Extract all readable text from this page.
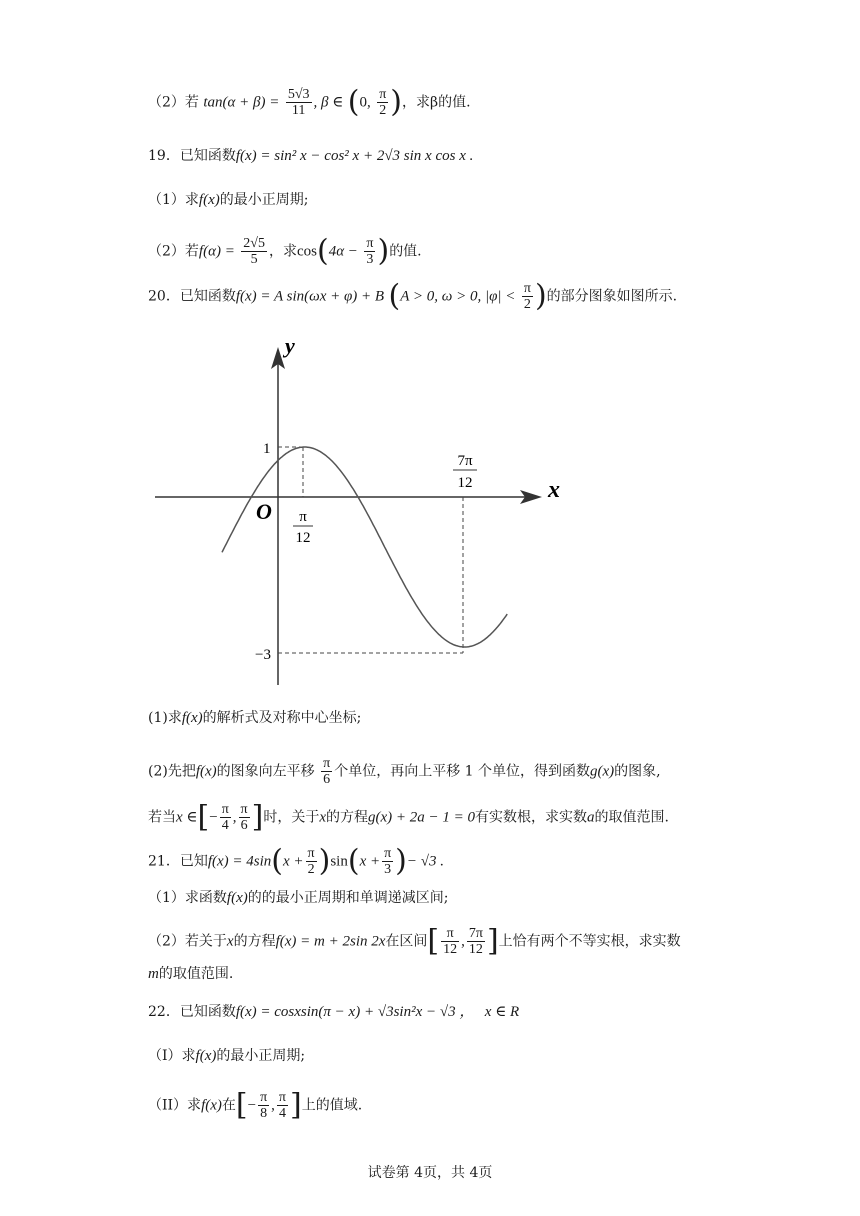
（2）若 $\tan(\alpha + \beta) = \frac{5√3}{11}$ , β ∈ (0, $\frac{\pi}{2}$ )，求β的值.
19．已知函数f(x) = sin² x − cos² x + 2√3 sin x cos x .
（1）求f(x)的最小正周期;
（2）若$f(\alpha) = \frac{2√5}{5}$ ，求$\cos(4\alpha - \frac{\pi}{3}$ )的值.
20．已知函数f(x) = A sin(ωx + φ) + B (A > 0, ω > 0, $|\varphi| < \frac{\pi}{2}$ )的部分图象如图所示.
y
x
O
1
−3
π
12
7π
12
(1)求f(x)的解析式及对称中心坐标;
(2)先把f(x)的图象向左平移 $\frac{\pi}{6}$ 个单位，再向上平移 1 个单位，得到函数g(x)的图象,
若当x ∈[− $\frac{\pi}{4}$ , $\frac{\pi}{6}$ ]时，关于x的方程g(x) + 2a − 1 = 0有实数根，求实数a的取值范围.
21．已知$f(x) = 4\sin(x + \frac{\pi}{2} )\sin(x + \frac{\pi}{3}$ )− √3 .
（1）求函数f(x)的的最小正周期和单调递减区间;
（2）若关于x的方程f(x) = m + 2sin 2x在区间[ $\frac{\pi}{12}$ , $\frac{7\pi}{12}$ ]上恰有两个不等实根，求实数
m的取值范围.
22．已知函数f(x) = cosxsin(π − x) + √3sin²x − √3 ， x ∈ R
（I）求f(x)的最小正周期;
（II）求f(x)在[− $\frac{\pi}{8}$ , $\frac{\pi}{4}$ ]上的值域.
试卷第 4页，共 4页
